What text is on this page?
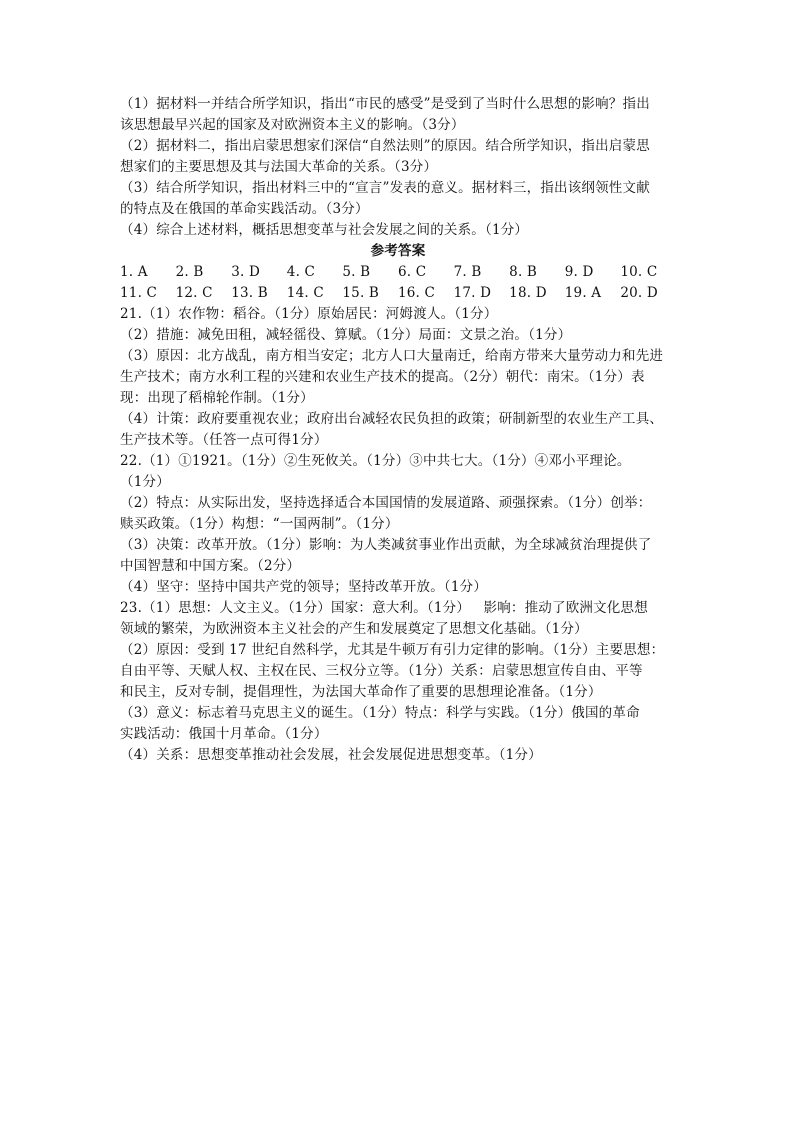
（1）据材料一并结合所学知识，指出“市民的感受”是受到了当时什么思想的影响？指出

该思想最早兴起的国家及对欧洲资本主义的影响。（3分）

（2）据材料二，指出启蒙思想家们深信“自然法则”的原因。结合所学知识，指出启蒙思

想家们的主要思想及其与法国大革命的关系。（3分）

（3）结合所学知识，指出材料三中的“宣言”发表的意义。据材料三，指出该纲领性文献

的特点及在俄国的革命实践活动。（3分）

（4）综合上述材料，概括思想变革与社会发展之间的关系。（1分）

参考答案

1. A	2. B	3. D	4. C	5. B	6. C	7. B	8. B	9. D	10. C
11. C	12. C	13. B	14. C	15. B	16. C	17. D	18. D	19. A	20. D

21.（1）农作物：稻谷。（1分）原始居民：河姆渡人。（1分）

（2）措施：减免田租，减轻徭役、算赋。（1分）局面：文景之治。（1分）

（3）原因：北方战乱，南方相当安定；北方人口大量南迁，给南方带来大量劳动力和先进

生产技术；南方水利工程的兴建和农业生产技术的提高。（2分）朝代：南宋。（1分）表

现：出现了稻棉轮作制。（1分）

（4）计策：政府要重视农业；政府出台减轻农民负担的政策；研制新型的农业生产工具、

生产技术等。（任答一点可得1分）

22.（1）①1921。（1分）②生死攸关。（1分）③中共七大。（1分）④邓小平理论。

（1分）

（2）特点：从实际出发，坚持选择适合本国国情的发展道路、顽强探索。（1分）创举：

赎买政策。（1分）构想：“一国两制”。（1分）

（3）决策：改革开放。（1分）影响：为人类减贫事业作出贡献，为全球减贫治理提供了

中国智慧和中国方案。（2分）

（4）坚守：坚持中国共产党的领导；坚持改革开放。（1分）

23.（1）思想：人文主义。（1分）国家：意大利。（1分）   影响：推动了欧洲文化思想

领域的繁荣，为欧洲资本主义社会的产生和发展奠定了思想文化基础。（1分）

（2）原因：受到 17 世纪自然科学，尤其是牛顿万有引力定律的影响。（1分）主要思想：

自由平等、天赋人权、主权在民、三权分立等。（1分）关系：启蒙思想宣传自由、平等

和民主，反对专制，提倡理性，为法国大革命作了重要的思想理论准备。（1分）

（3）意义：标志着马克思主义的诞生。（1分）特点：科学与实践。（1分）俄国的革命

实践活动：俄国十月革命。（1分）

（4）关系：思想变革推动社会发展，社会发展促进思想变革。（1分）
